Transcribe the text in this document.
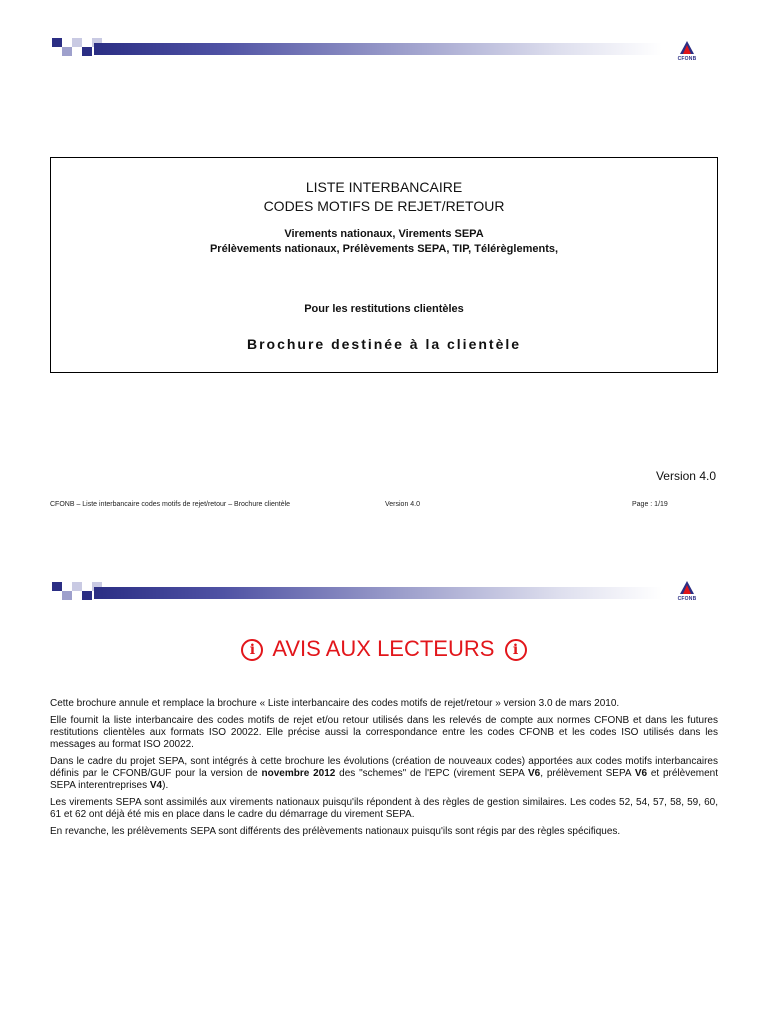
CFONB
LISTE INTERBANCAIRE
CODES MOTIFS DE REJET/RETOUR
Virements nationaux, Virements SEPA
Prélèvements nationaux, Prélèvements SEPA, TIP, Télérèglements,
Pour les restitutions clientèles
Brochure destinée à la clientèle
Version 4.0
CFONB – Liste interbancaire codes motifs de rejet/retour – Brochure clientèle	Version 4.0	Page : 1/19
CFONB
i AVIS AUX LECTEURS i

Cette brochure annule et remplace la brochure « Liste interbancaire des codes motifs de rejet/retour » version 3.0 de mars 2010.

Elle fournit la liste interbancaire des codes motifs de rejet et/ou retour utilisés dans les relevés de compte aux normes CFONB et dans les futures restitutions clientèles aux formats ISO 20022. Elle précise aussi la correspondance entre les codes CFONB et les codes ISO utilisés dans les messages au format ISO 20022.

Dans le cadre du projet SEPA, sont intégrés à cette brochure les évolutions (création de nouveaux codes) apportées aux codes motifs interbancaires définis par le CFONB/GUF pour la version de novembre 2012 des "schemes" de l'EPC (virement SEPA V6, prélèvement SEPA V6 et prélèvement SEPA interentreprises V4).

Les virements SEPA sont assimilés aux virements nationaux puisqu'ils répondent à des règles de gestion similaires. Les codes 52, 54, 57, 58, 59, 60, 61 et 62 ont déjà été mis en place dans le cadre du démarrage du virement SEPA.

En revanche, les prélèvements SEPA sont différents des prélèvements nationaux puisqu'ils sont régis par des règles spécifiques.
